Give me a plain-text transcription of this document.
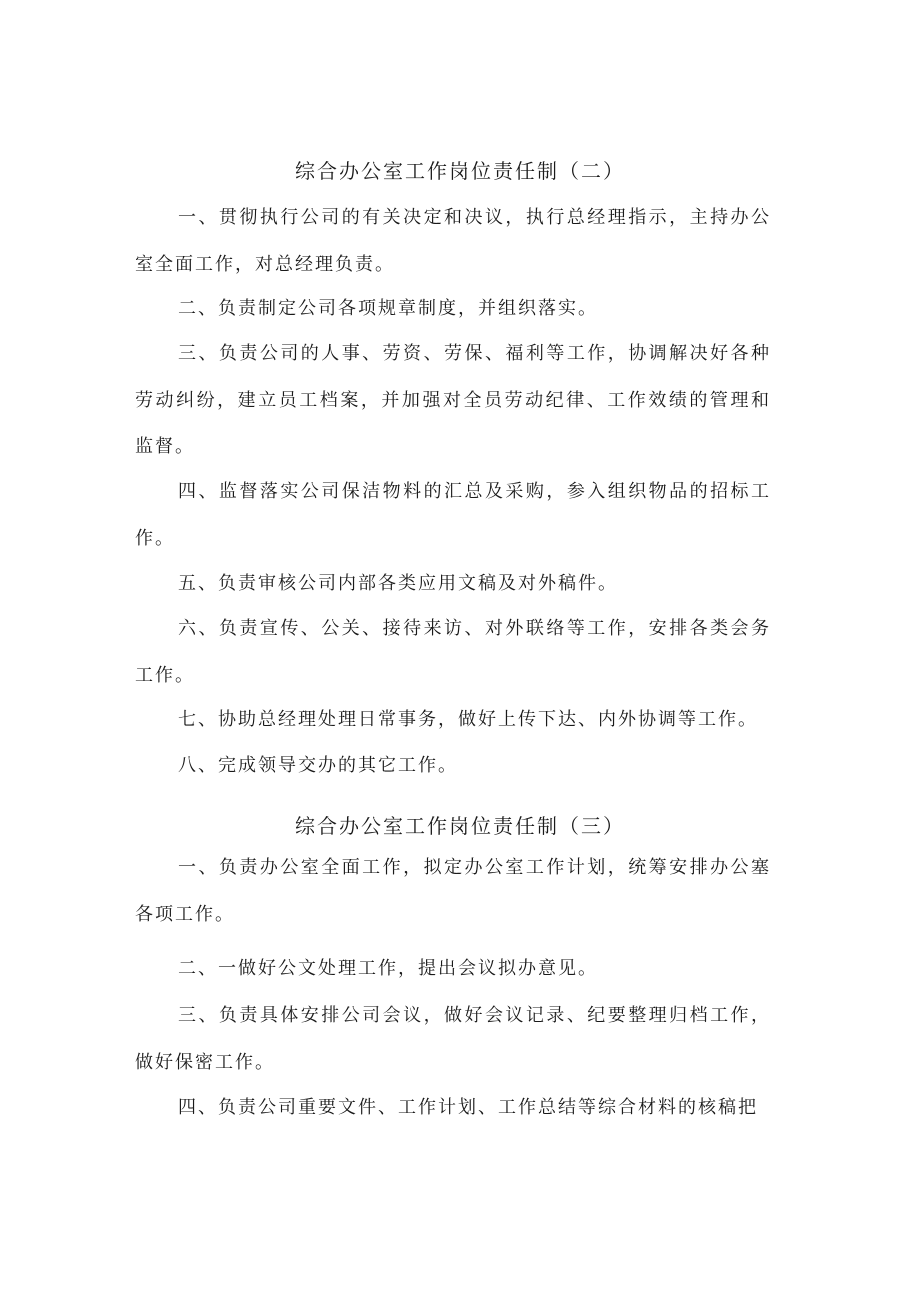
综合办公室工作岗位责任制（二）

一、贯彻执行公司的有关决定和决议，执行总经理指示，主持办公室全面工作，对总经理负责。

二、负责制定公司各项规章制度，并组织落实。

三、负责公司的人事、劳资、劳保、福利等工作，协调解决好各种劳动纠纷，建立员工档案，并加强对全员劳动纪律、工作效绩的管理和监督。

四、监督落实公司保洁物料的汇总及采购，参入组织物品的招标工作。

五、负责审核公司内部各类应用文稿及对外稿件。

六、负责宣传、公关、接待来访、对外联络等工作，安排各类会务工作。

七、协助总经理处理日常事务，做好上传下达、内外协调等工作。

八、完成领导交办的其它工作。

综合办公室工作岗位责任制（三）

一、负责办公室全面工作，拟定办公室工作计划，统筹安排办公塞各项工作。

二、一做好公文处理工作，提出会议拟办意见。

三、负责具体安排公司会议，做好会议记录、纪要整理归档工作，做好保密工作。

四、负责公司重要文件、工作计划、工作总结等综合材料的核稿把
